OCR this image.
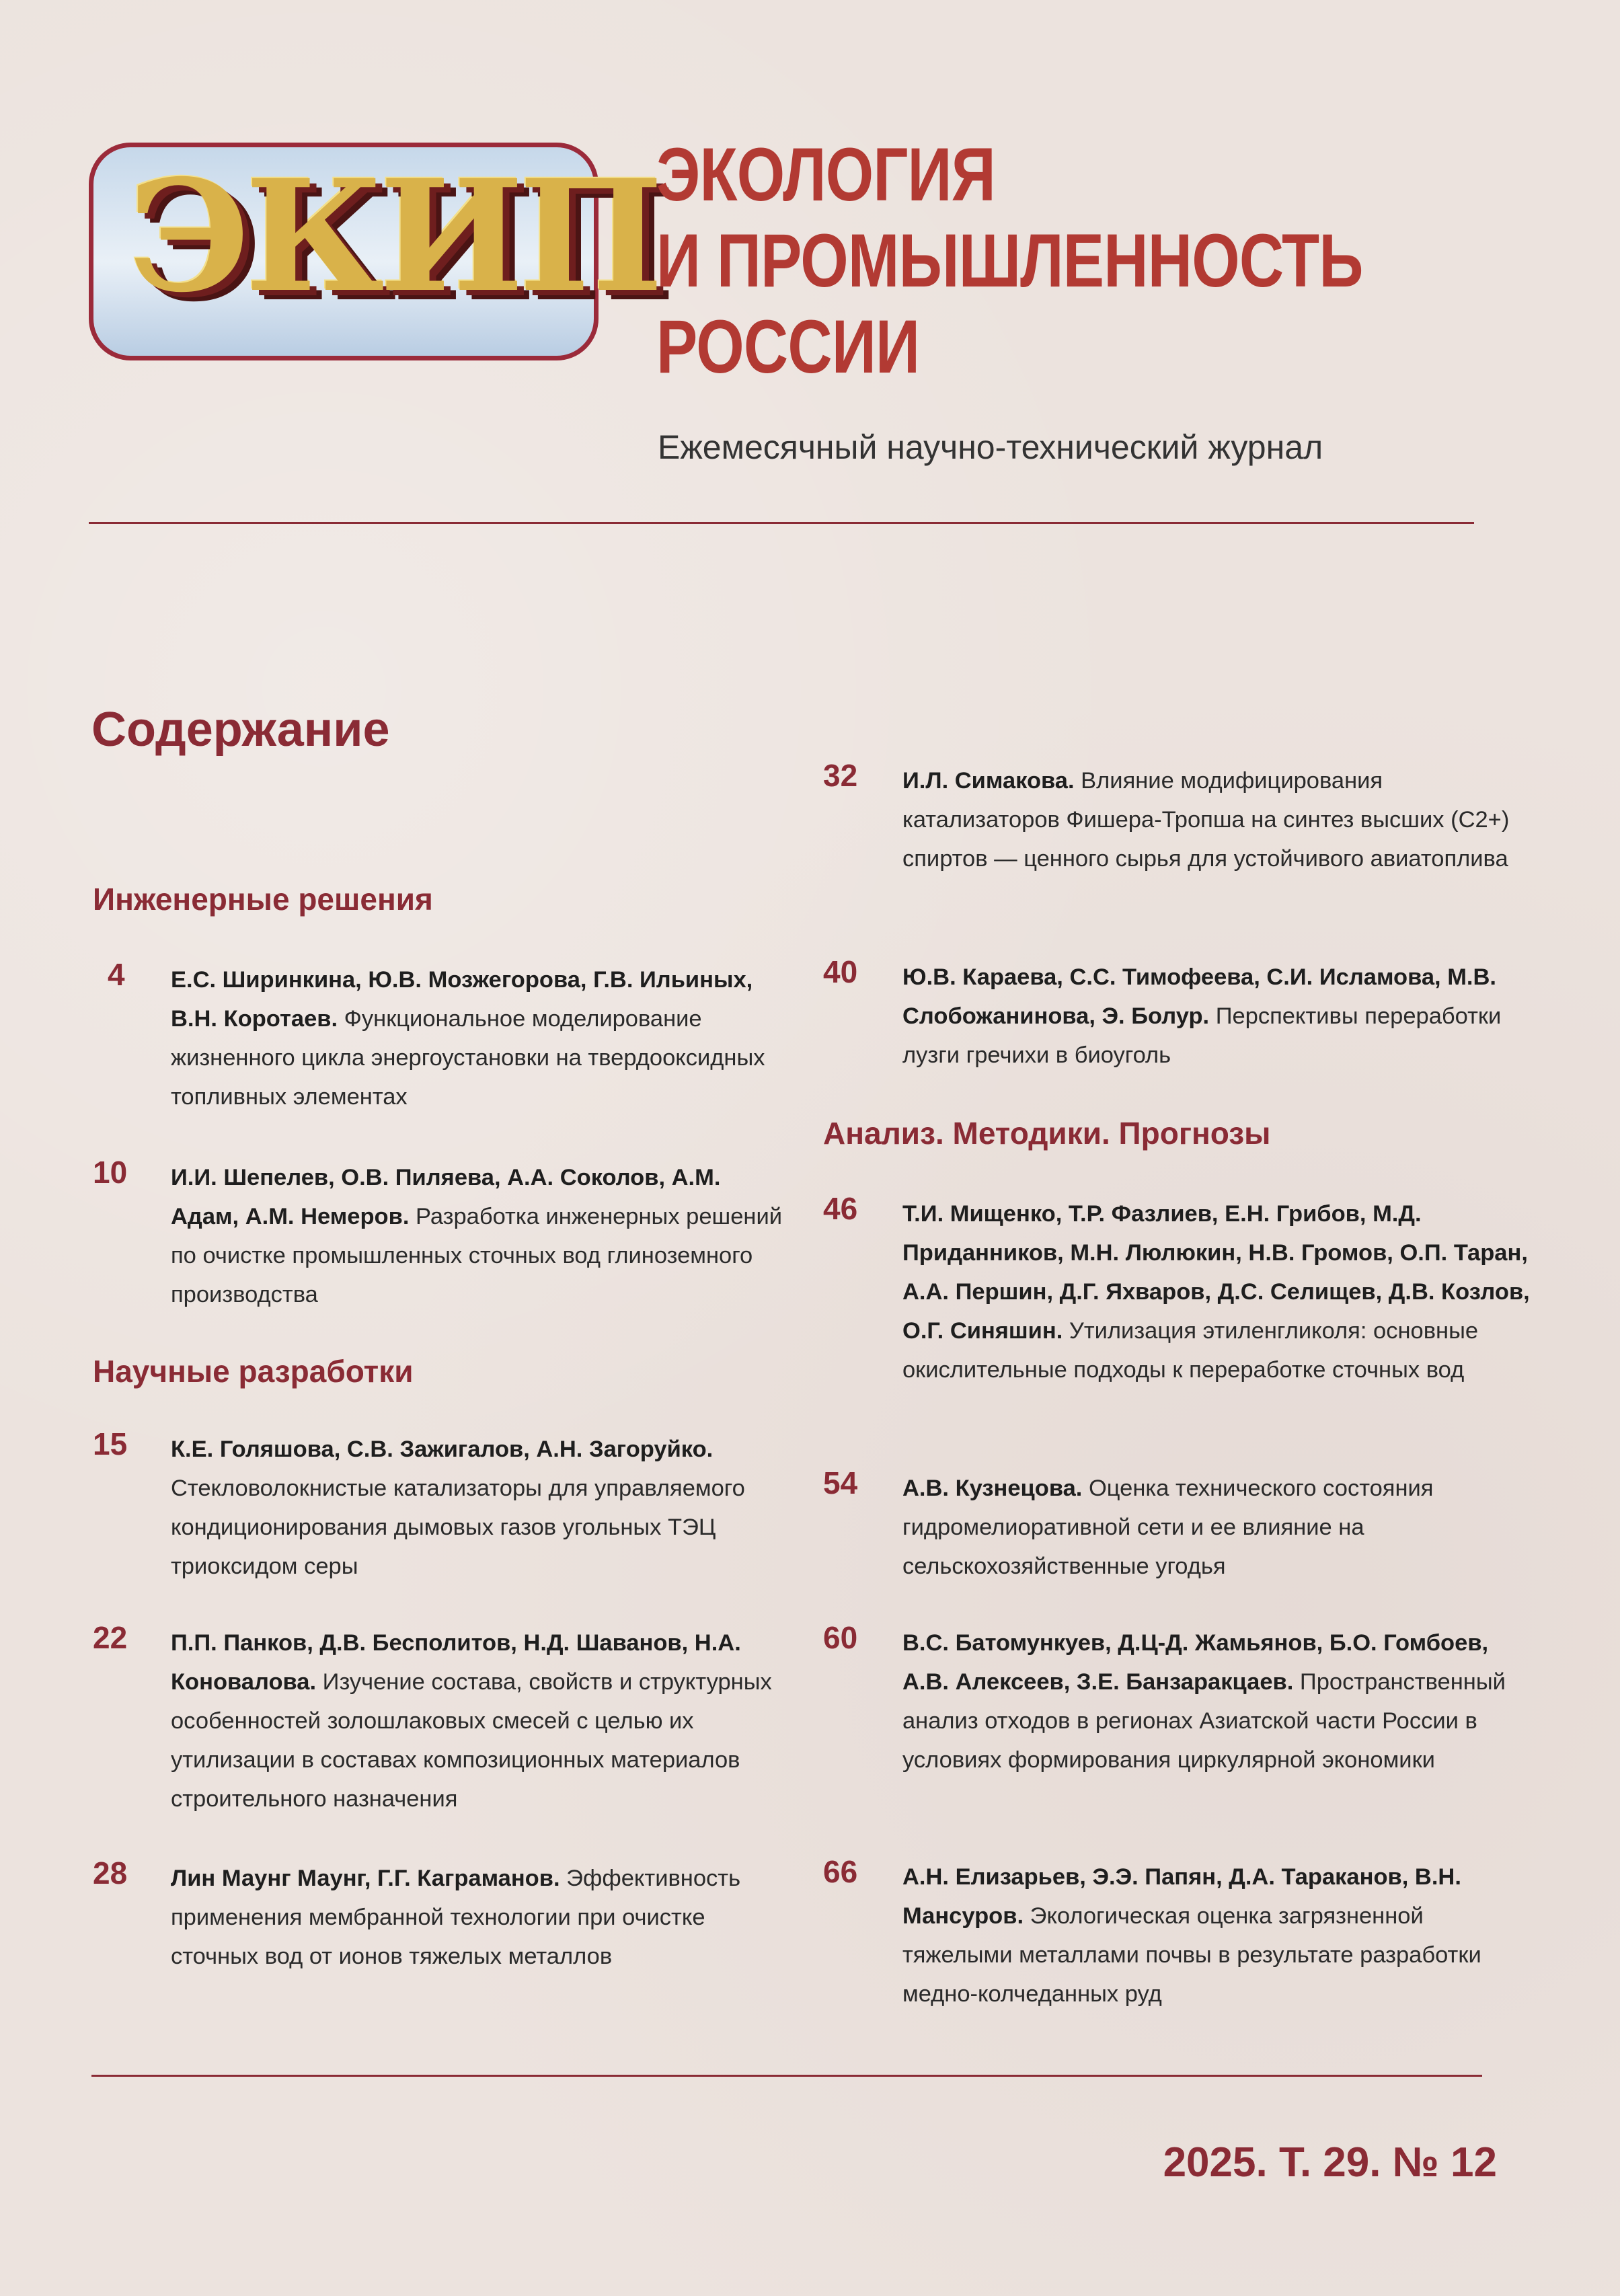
ЭКИП
ЭКОЛОГИЯ
И ПРОМЫШЛЕННОСТЬ
РОССИИ
Ежемесячный научно-технический журнал
Содержание
Инженерные решения
4 Е.С. Ширинкина, Ю.В. Мозжегорова, Г.В. Ильиных, В.Н. Коротаев. Функциональное моделирование жизненного цикла энергоустановки на твердооксидных топливных элементах
10 И.И. Шепелев, О.В. Пиляева, А.А. Соколов, А.М. Адам, А.М. Немеров. Разработка инженерных решений по очистке промышленных сточных вод глиноземного производства
Научные разработки
15 К.Е. Голяшова, С.В. Зажигалов, А.Н. Загоруйко. Стекловолокнистые катализаторы для управляемого кондиционирования дымовых газов угольных ТЭЦ триоксидом серы
22 П.П. Панков, Д.В. Бесполитов, Н.Д. Шаванов, Н.А. Коновалова. Изучение состава, свойств и структурных особенностей золошлаковых смесей с целью их утилизации в составах композиционных материалов строительного назначения
28 Лин Маунг Маунг, Г.Г. Каграманов. Эффективность применения мембранной технологии при очистке сточных вод от ионов тяжелых металлов
32 И.Л. Симакова. Влияние модифицирования катализаторов Фишера-Тропша на синтез высших (С2+) спиртов — ценного сырья для устойчивого авиатоплива
40 Ю.В. Караева, С.С. Тимофеева, С.И. Исламова, М.В. Слобожанинова, Э. Болур. Перспективы переработки лузги гречихи в биоуголь
Анализ. Методики. Прогнозы
46 Т.И. Мищенко, Т.Р. Фазлиев, Е.Н. Грибов, М.Д. Приданников, М.Н. Люлюкин, Н.В. Громов, О.П. Таран, А.А. Першин, Д.Г. Яхваров, Д.С. Селищев, Д.В. Козлов, О.Г. Синяшин. Утилизация этиленгликоля: основные окислительные подходы к переработке сточных вод
54 А.В. Кузнецова. Оценка технического состояния гидромелиоративной сети и ее влияние на сельскохозяйственные угодья
60 В.С. Батомункуев, Д.Ц-Д. Жамьянов, Б.О. Гомбоев, А.В. Алексеев, З.Е. Банзаракцаев. Пространственный анализ отходов в регионах Азиатской части России в условиях формирования циркулярной экономики
66 А.Н. Елизарьев, Э.Э. Папян, Д.А. Тараканов, В.Н. Мансуров. Экологическая оценка загрязненной тяжелыми металлами почвы в результате разработки медно-колчеданных руд
2025. Т. 29. № 12
